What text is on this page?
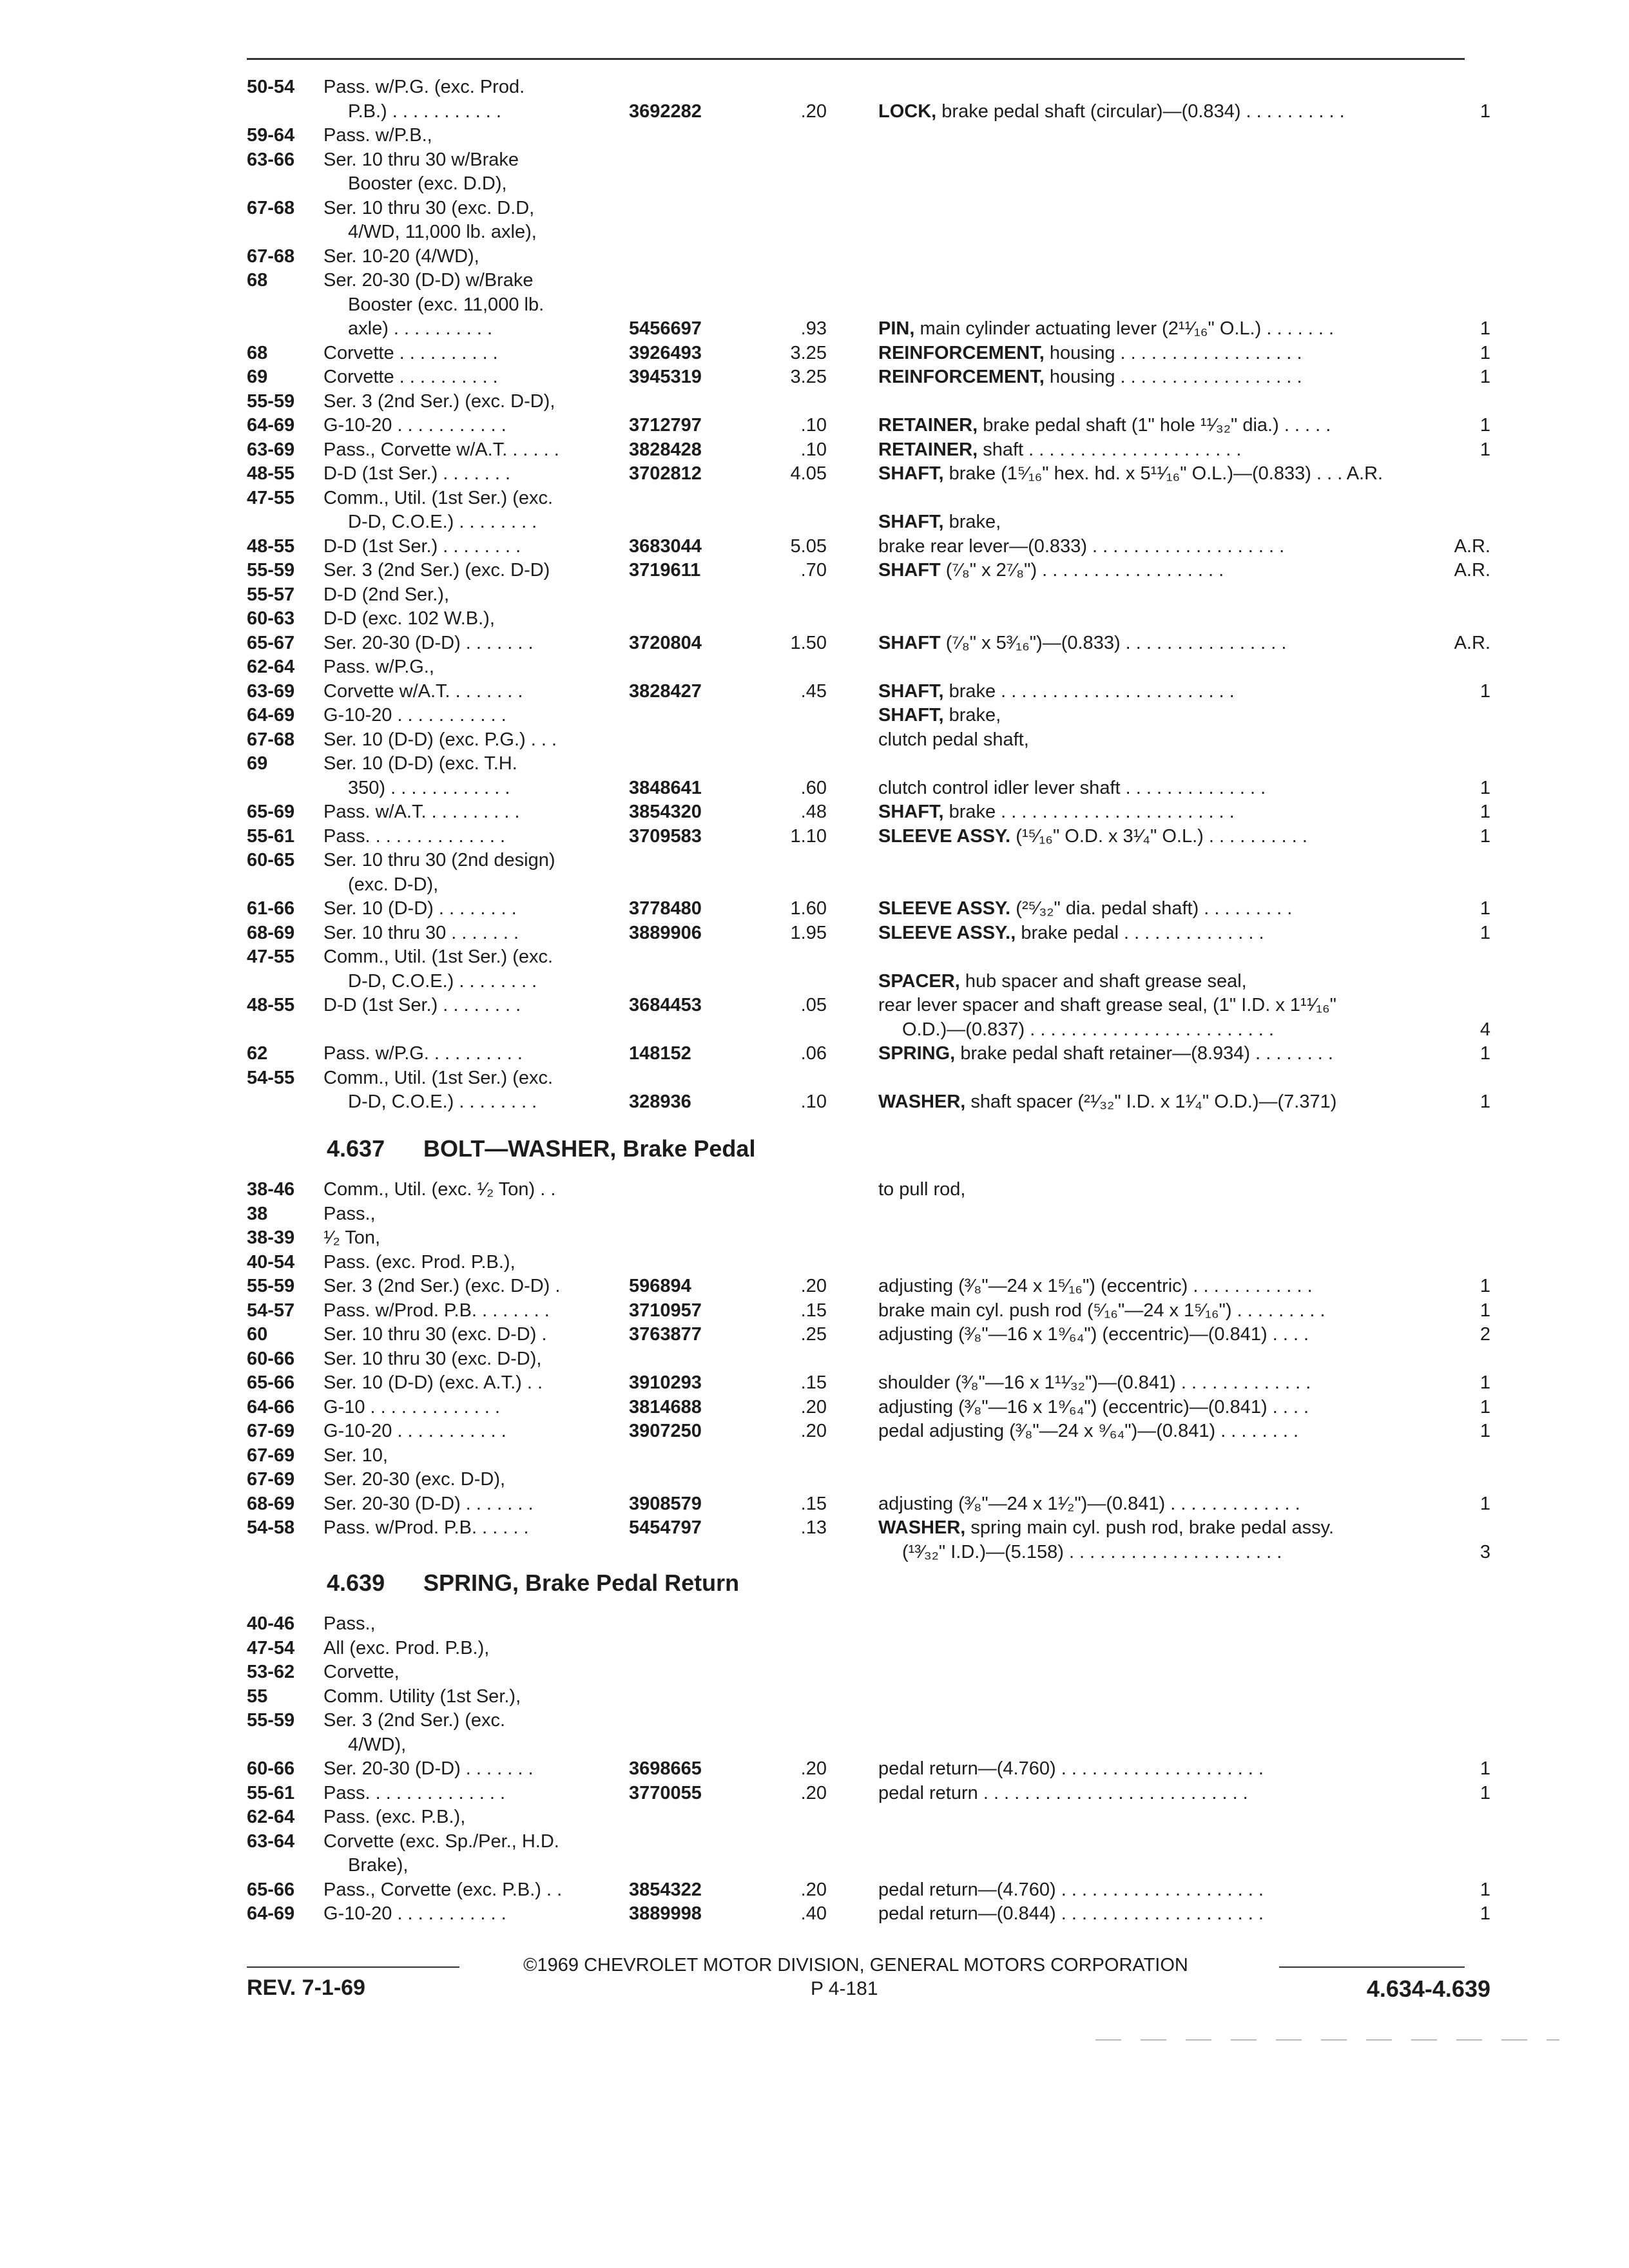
50-54 Pass. w/P.G. (exc. Prod.
P.B.) . . . . . . . . . . .	3692282	.20	LOCK, brake pedal shaft (circular)—(0.834) . . . . . . . . . .	1
59-64 Pass. w/P.B.,
63-66 Ser. 10 thru 30 w/Brake
Booster (exc. D.D),
67-68 Ser. 10 thru 30 (exc. D.D,
4/WD, 11,000 lb. axle),
67-68 Ser. 10-20 (4/WD),
68	Ser. 20-30 (D-D) w/Brake
Booster (exc. 11,000 lb.
axle) . . . . . . . . . .	5456697	.93	PIN, main cylinder actuating lever (2¹¹⁄₁₆" O.L.) . . . . . . .	1
68	Corvette . . . . . . . . . .	3926493	3.25	REINFORCEMENT, housing . . . . . . . . . . . . . . . . . .	1
69	Corvette . . . . . . . . . .	3945319	3.25	REINFORCEMENT, housing . . . . . . . . . . . . . . . . . .	1
55-59 Ser. 3 (2nd Ser.) (exc. D-D),
64-69 G-10-20 . . . . . . . . . . .	3712797	.10	RETAINER, brake pedal shaft (1" hole ¹¹⁄₃₂" dia.) . . . . .	1
63-69 Pass., Corvette w/A.T. . . . . .	3828428	.10	RETAINER, shaft . . . . . . . . . . . . . . . . . . . . .	1
48-55 D-D (1st Ser.) . . . . . . .	3702812	4.05	SHAFT, brake (1⁵⁄₁₆" hex. hd. x 5¹¹⁄₁₆" O.L.)—(0.833) . . . A.R.
47-55 Comm., Util. (1st Ser.) (exc.
D-D, C.O.E.) . . . . . . . .	SHAFT, brake,
48-55 D-D (1st Ser.) . . . . . . . .	3683044	5.05	brake rear lever—(0.833) . . . . . . . . . . . . . . . . . . .	A.R.
55-59 Ser. 3 (2nd Ser.) (exc. D-D)	3719611	.70	SHAFT (⁷⁄₈" x 2⁷⁄₈") . . . . . . . . . . . . . . . . . .	A.R.
55-57 D-D (2nd Ser.),
60-63 D-D (exc. 102 W.B.),
65-67 Ser. 20-30 (D-D) . . . . . . .	3720804	1.50	SHAFT (⁷⁄₈" x 5³⁄₁₆")—(0.833) . . . . . . . . . . . . . . . .	A.R.
62-64 Pass. w/P.G.,
63-69 Corvette w/A.T. . . . . . . .	3828427	.45	SHAFT, brake . . . . . . . . . . . . . . . . . . . . . . .	1
64-69 G-10-20 . . . . . . . . . . .	SHAFT, brake,
67-68 Ser. 10 (D-D) (exc. P.G.) . . .	clutch pedal shaft,
69	Ser. 10 (D-D) (exc. T.H.
350) . . . . . . . . . . . .	3848641	.60	clutch control idler lever shaft . . . . . . . . . . . . . .	1
65-69 Pass. w/A.T. . . . . . . . . .	3854320	.48	SHAFT, brake . . . . . . . . . . . . . . . . . . . . . . .	1
55-61 Pass. . . . . . . . . . . . . .	3709583	1.10	SLEEVE ASSY. (¹⁵⁄₁₆" O.D. x 3¹⁄₄" O.L.) . . . . . . . . . .	1
60-65 Ser. 10 thru 30 (2nd design)
(exc. D-D),
61-66 Ser. 10 (D-D) . . . . . . . .	3778480	1.60	SLEEVE ASSY. (²⁵⁄₃₂" dia. pedal shaft) . . . . . . . . .	1
68-69 Ser. 10 thru 30 . . . . . . .	3889906	1.95	SLEEVE ASSY., brake pedal . . . . . . . . . . . . . .	1
47-55 Comm., Util. (1st Ser.) (exc.
D-D, C.O.E.) . . . . . . . .	SPACER, hub spacer and shaft grease seal,
48-55 D-D (1st Ser.) . . . . . . . .	3684453	.05	rear lever spacer and shaft grease seal, (1" I.D. x 1¹¹⁄₁₆"
O.D.)—(0.837) . . . . . . . . . . . . . . . . . . . . . . . .	4
62	Pass. w/P.G. . . . . . . . . .	148152	.06	SPRING, brake pedal shaft retainer—(8.934) . . . . . . . .	1
54-55 Comm., Util. (1st Ser.) (exc.
D-D, C.O.E.) . . . . . . . .	328936	.10	WASHER, shaft spacer (²¹⁄₃₂" I.D. x 1¹⁄₄" O.D.)—(7.371)	1
4.637 BOLT—WASHER, Brake Pedal
38-46 Comm., Util. (exc. ¹⁄₂ Ton) . .	to pull rod,
38	Pass.,
38-39 ¹⁄₂ Ton,
40-54 Pass. (exc. Prod. P.B.),
55-59 Ser. 3 (2nd Ser.) (exc. D-D) .	596894	.20	adjusting (³⁄₈"—24 x 1⁵⁄₁₆") (eccentric) . . . . . . . . . . . .	1
54-57 Pass. w/Prod. P.B. . . . . . . .	3710957	.15	brake main cyl. push rod (⁵⁄₁₆"—24 x 1⁵⁄₁₆") . . . . . . . . .	1
60	Ser. 10 thru 30 (exc. D-D) .	3763877	.25	adjusting (³⁄₈"—16 x 1⁹⁄₆₄") (eccentric)—(0.841) . . . .	2
60-66 Ser. 10 thru 30 (exc. D-D),
65-66 Ser. 10 (D-D) (exc. A.T.) . .	3910293	.15	shoulder (³⁄₈"—16 x 1¹¹⁄₃₂")—(0.841) . . . . . . . . . . . . .	1
64-66 G-10 . . . . . . . . . . . . .	3814688	.20	adjusting (³⁄₈"—16 x 1⁹⁄₆₄") (eccentric)—(0.841) . . . .	1
67-69 G-10-20 . . . . . . . . . . .	3907250	.20	pedal adjusting (³⁄₈"—24 x ⁹⁄₆₄")—(0.841) . . . . . . . .	1
67-69 Ser. 10,
67-69 Ser. 20-30 (exc. D-D),
68-69 Ser. 20-30 (D-D) . . . . . . .	3908579	.15	adjusting (³⁄₈"—24 x 1¹⁄₂")—(0.841) . . . . . . . . . . . . .	1
54-58 Pass. w/Prod. P.B. . . . . .	5454797	.13	WASHER, spring main cyl. push rod, brake pedal assy.
(¹³⁄₃₂" I.D.)—(5.158) . . . . . . . . . . . . . . . . . . . . .	3
4.639 SPRING, Brake Pedal Return
40-46 Pass.,
47-54 All (exc. Prod. P.B.),
53-62 Corvette,
55	Comm. Utility (1st Ser.),
55-59 Ser. 3 (2nd Ser.) (exc.
4/WD),
60-66 Ser. 20-30 (D-D) . . . . . . .	3698665	.20	pedal return—(4.760) . . . . . . . . . . . . . . . . . . . .	1
55-61 Pass. . . . . . . . . . . . . .	3770055	.20	pedal return . . . . . . . . . . . . . . . . . . . . . . . . . .	1
62-64 Pass. (exc. P.B.),
63-64 Corvette (exc. Sp./Per., H.D.
Brake),
65-66 Pass., Corvette (exc. P.B.) . .	3854322	.20	pedal return—(4.760) . . . . . . . . . . . . . . . . . . . .	1
64-69 G-10-20 . . . . . . . . . . .	3889998	.40	pedal return—(0.844) . . . . . . . . . . . . . . . . . . . .	1
©1969 CHEVROLET MOTOR DIVISION, GENERAL MOTORS CORPORATION
REV. 7-1-69	P 4-181	4.634-4.639
